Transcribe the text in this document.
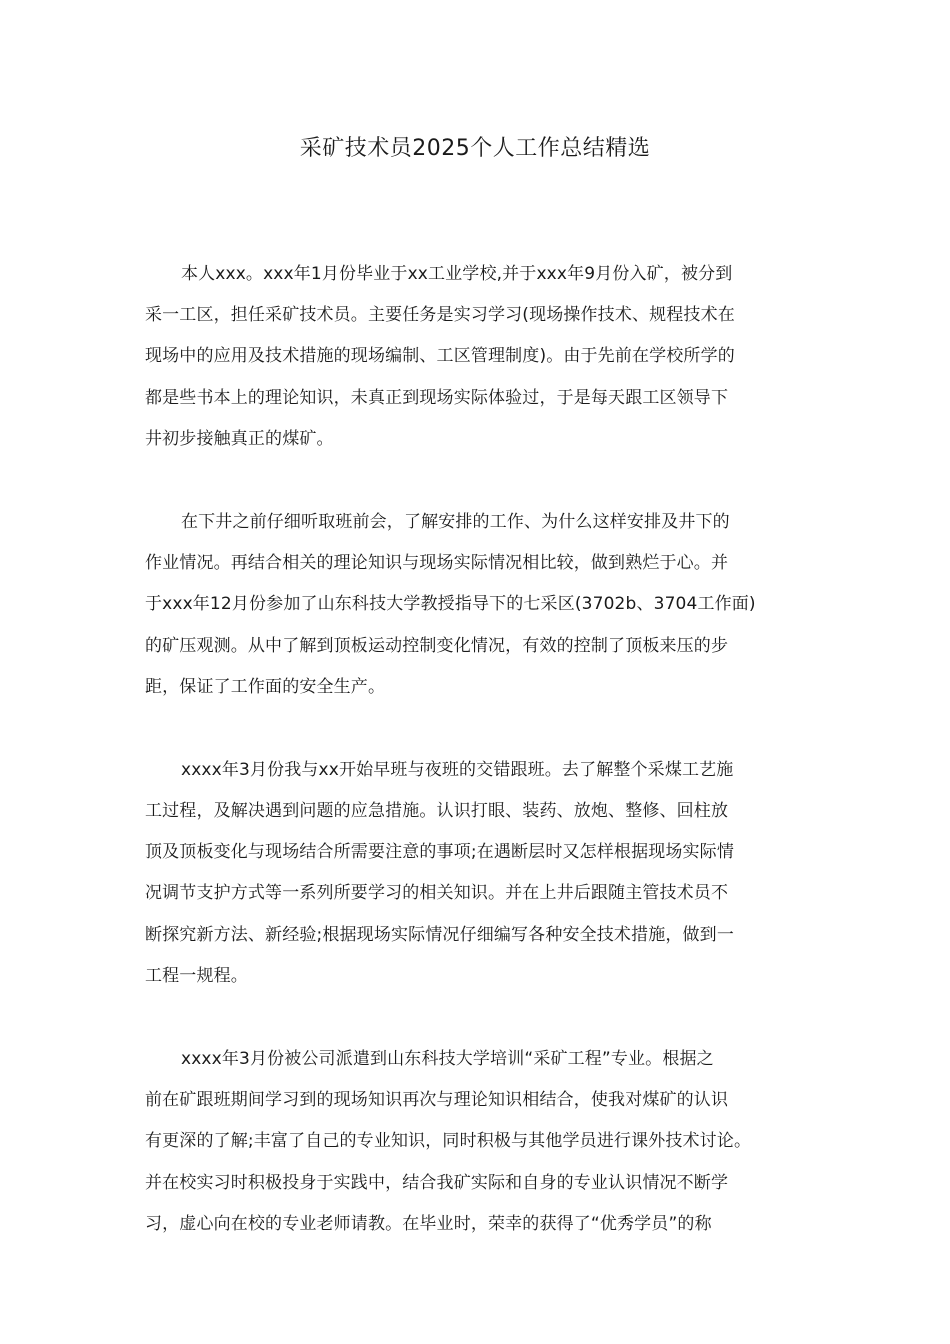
采矿技术员2025个人工作总结精选
本人xxx。xxx年1月份毕业于xx工业学校,并于xxx年9月份入矿，被分到
采一工区，担任采矿技术员。主要任务是实习学习(现场操作技术、规程技术在
现场中的应用及技术措施的现场编制、工区管理制度)。由于先前在学校所学的
都是些书本上的理论知识，未真正到现场实际体验过，于是每天跟工区领导下
井初步接触真正的煤矿。
在下井之前仔细听取班前会，了解安排的工作、为什么这样安排及井下的
作业情况。再结合相关的理论知识与现场实际情况相比较，做到熟烂于心。并
于xxx年12月份参加了山东科技大学教授指导下的七采区(3702b、3704工作面)
的矿压观测。从中了解到顶板运动控制变化情况，有效的控制了顶板来压的步
距，保证了工作面的安全生产。
xxxx年3月份我与xx开始早班与夜班的交错跟班。去了解整个采煤工艺施
工过程，及解决遇到问题的应急措施。认识打眼、装药、放炮、整修、回柱放
顶及顶板变化与现场结合所需要注意的事项;在遇断层时又怎样根据现场实际情
况调节支护方式等一系列所要学习的相关知识。并在上井后跟随主管技术员不
断探究新方法、新经验;根据现场实际情况仔细编写各种安全技术措施，做到一
工程一规程。
xxxx年3月份被公司派遣到山东科技大学培训“采矿工程”专业。根据之
前在矿跟班期间学习到的现场知识再次与理论知识相结合，使我对煤矿的认识
有更深的了解;丰富了自己的专业知识，同时积极与其他学员进行课外技术讨论。
并在校实习时积极投身于实践中，结合我矿实际和自身的专业认识情况不断学
习，虚心向在校的专业老师请教。在毕业时，荣幸的获得了“优秀学员”的称
